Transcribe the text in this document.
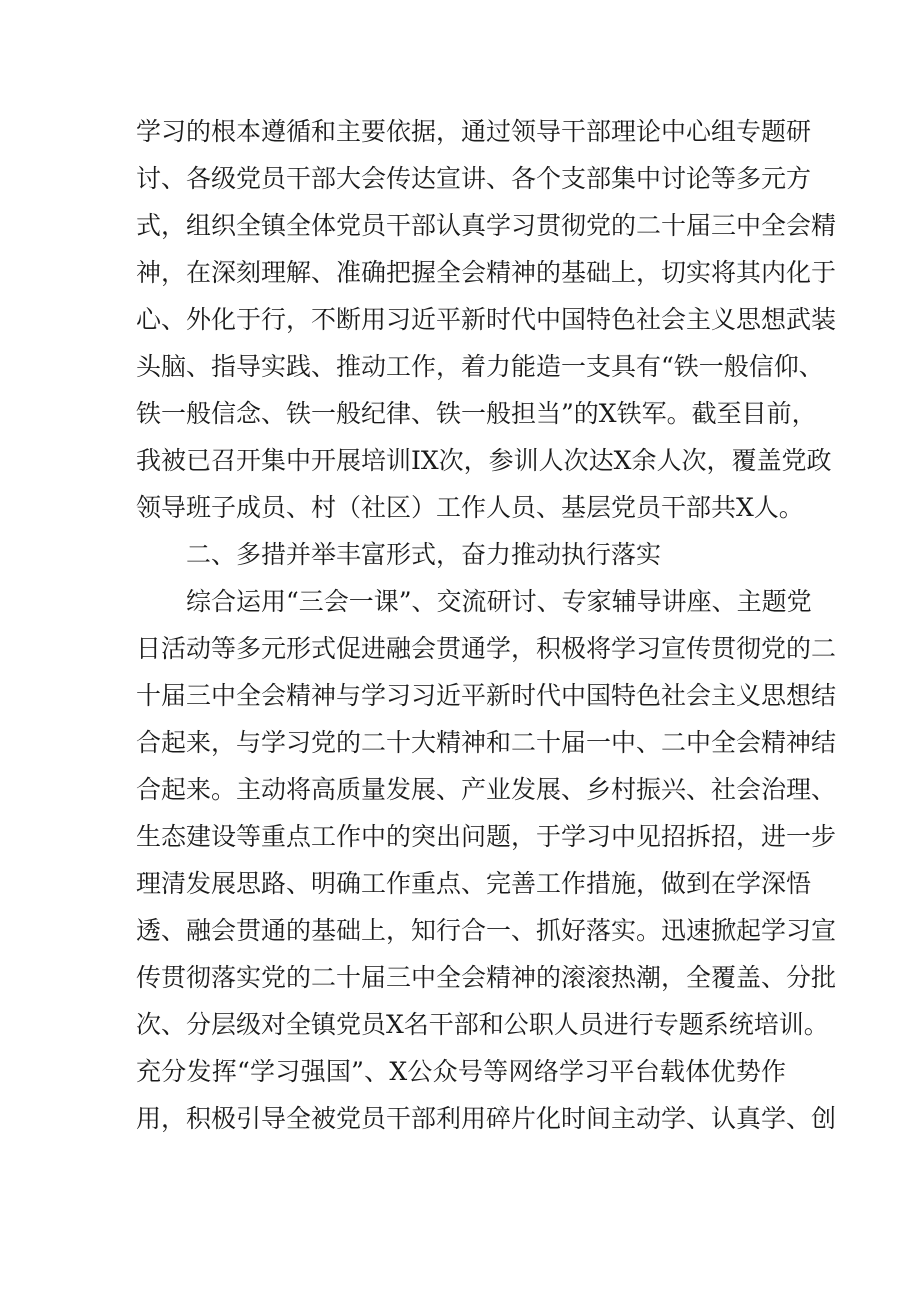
学习的根本遵循和主要依据，通过领导干部理论中心组专题研
讨、各级党员干部大会传达宣讲、各个支部集中讨论等多元方
式，组织全镇全体党员干部认真学习贯彻党的二十届三中全会精
神，在深刻理解、准确把握全会精神的基础上，切实将其内化于
心、外化于行，不断用习近平新时代中国特色社会主义思想武装
头脑、指导实践、推动工作，着力能造一支具有“铁一般信仰、
铁一般信念、铁一般纪律、铁一般担当”的X铁军。截至目前，
我被已召开集中开展培训IX次，参训人次达X余人次，覆盖党政
领导班子成员、村（社区）工作人员、基层党员干部共X人。
二、多措并举丰富形式，奋力推动执行落实
综合运用“三会一课”、交流研讨、专家辅导讲座、主题党
日活动等多元形式促进融会贯通学，积极将学习宣传贯彻党的二
十届三中全会精神与学习习近平新时代中国特色社会主义思想结
合起来，与学习党的二十大精神和二十届一中、二中全会精神结
合起来。主动将高质量发展、产业发展、乡村振兴、社会治理、
生态建设等重点工作中的突出问题，于学习中见招拆招，进一步
理清发展思路、明确工作重点、完善工作措施，做到在学深悟
透、融会贯通的基础上，知行合一、抓好落实。迅速掀起学习宣
传贯彻落实党的二十届三中全会精神的滚滚热潮，全覆盖、分批
次、分层级对全镇党员X名干部和公职人员进行专题系统培训。
充分发挥“学习强国”、X公众号等网络学习平台载体优势作
用，积极引导全被党员干部利用碎片化时间主动学、认真学、创
